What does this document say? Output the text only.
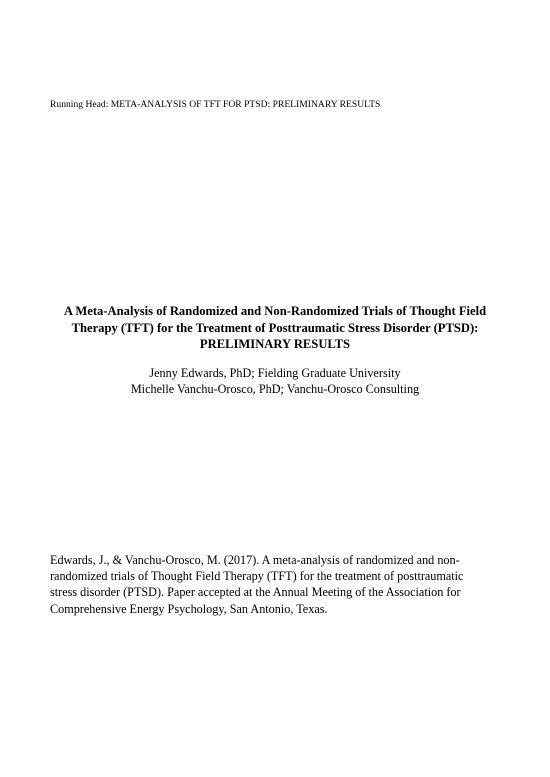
Running Head: META-ANALYSIS OF TFT FOR PTSD: PRELIMINARY RESULTS

A Meta-Analysis of Randomized and Non-Randomized Trials of Thought Field

Therapy (TFT) for the Treatment of Posttraumatic Stress Disorder (PTSD):

PRELIMINARY RESULTS

Jenny Edwards, PhD; Fielding Graduate University

Michelle Vanchu-Orosco, PhD; Vanchu-Orosco Consulting

Edwards, J., & Vanchu-Orosco, M. (2017). A meta-analysis of randomized and non-
randomized trials of Thought Field Therapy (TFT) for the treatment of posttraumatic
stress disorder (PTSD). Paper accepted at the Annual Meeting of the Association for
Comprehensive Energy Psychology, San Antonio, Texas.
